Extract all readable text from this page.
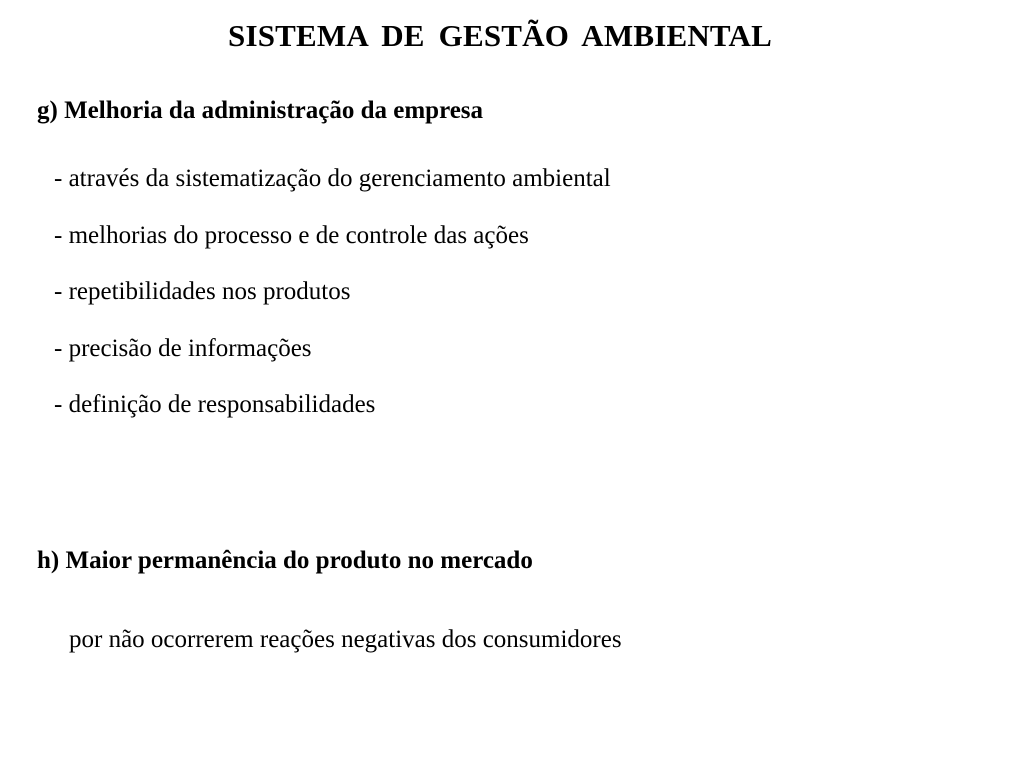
SISTEMA DE GESTÃO AMBIENTAL
g) Melhoria da administração da empresa
- através da sistematização do gerenciamento ambiental
- melhorias do processo e de controle das ações
- repetibilidades nos produtos
- precisão de informações
- definição de responsabilidades
h) Maior permanência do produto no mercado
por não ocorrerem reações negativas dos consumidores
